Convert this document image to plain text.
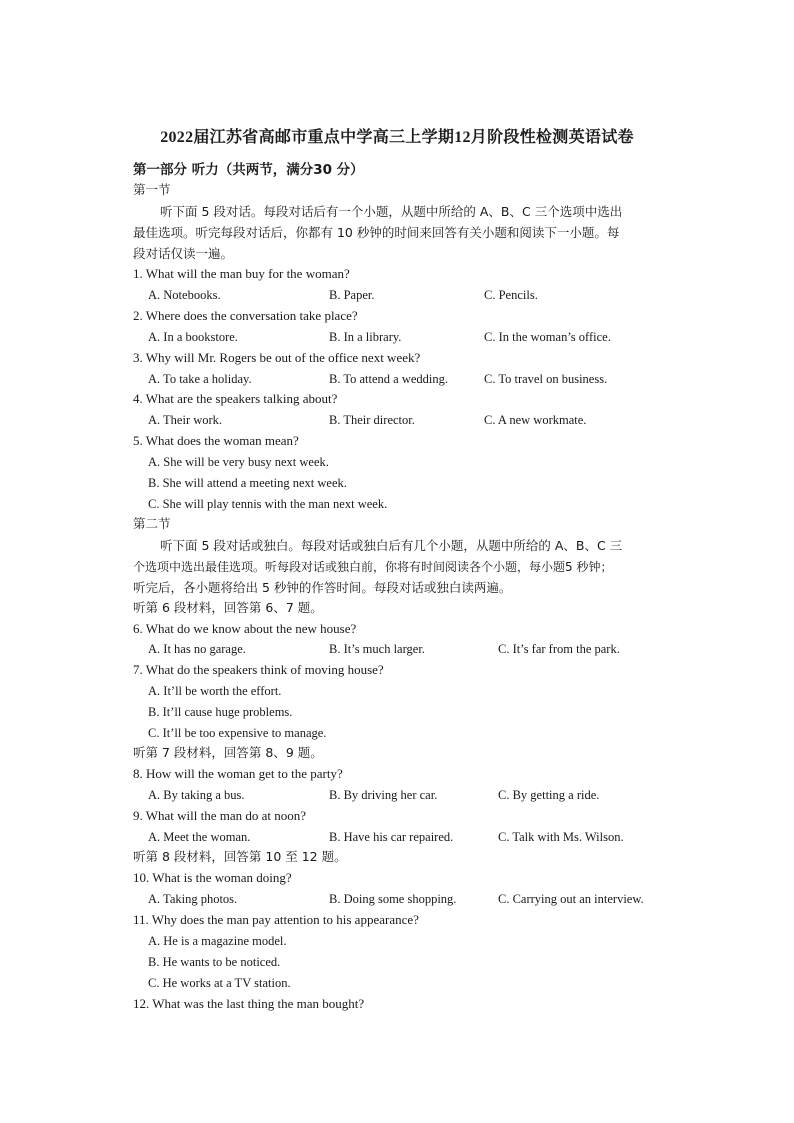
2022届江苏省高邮市重点中学高三上学期12月阶段性检测英语试卷
第一部分 听力（共两节，满分30 分）
第一节
听下面 5 段对话。每段对话后有一个小题，从题中所给的 A、B、C 三个选项中选出
最佳选项。听完每段对话后，你都有 10 秒钟的时间来回答有关小题和阅读下一小题。每
段对话仅读一遍。
1. What will the man buy for the woman?
A. Notebooks.	B. Paper.	C. Pencils.
2. Where does the conversation take place?
A. In a bookstore.	B. In a library.	C. In the woman’s office.
3. Why will Mr. Rogers be out of the office next week?
A. To take a holiday.	B. To attend a wedding.	C. To travel on business.
4. What are the speakers talking about?
A. Their work.	B. Their director.	C. A new workmate.
5. What does the woman mean?
A. She will be very busy next week.
B. She will attend a meeting next week.
C. She will play tennis with the man next week.
第二节
听下面 5 段对话或独白。每段对话或独白后有几个小题，从题中所给的 A、B、C 三
个选项中选出最佳选项。听每段对话或独白前，你将有时间阅读各个小题，每小题5 秒钟；
听完后，各小题将给出 5 秒钟的作答时间。每段对话或独白读两遍。
听第 6 段材料，回答第 6、7 题。
6. What do we know about the new house?
A. It has no garage.	B. It’s much larger.	C. It’s far from the park.
7. What do the speakers think of moving house?
A. It’ll be worth the effort.
B. It’ll cause huge problems.
C. It’ll be too expensive to manage.
听第 7 段材料，回答第 8、9 题。
8. How will the woman get to the party?
A. By taking a bus.	B. By driving her car.	C. By getting a ride.
9. What will the man do at noon?
A. Meet the woman.	B. Have his car repaired.	C. Talk with Ms. Wilson.
听第 8 段材料，回答第 10 至 12 题。
10. What is the woman doing?
A. Taking photos.	B. Doing some shopping.	C. Carrying out an interview.
11. Why does the man pay attention to his appearance?
A. He is a magazine model.
B. He wants to be noticed.
C. He works at a TV station.
12. What was the last thing the man bought?
